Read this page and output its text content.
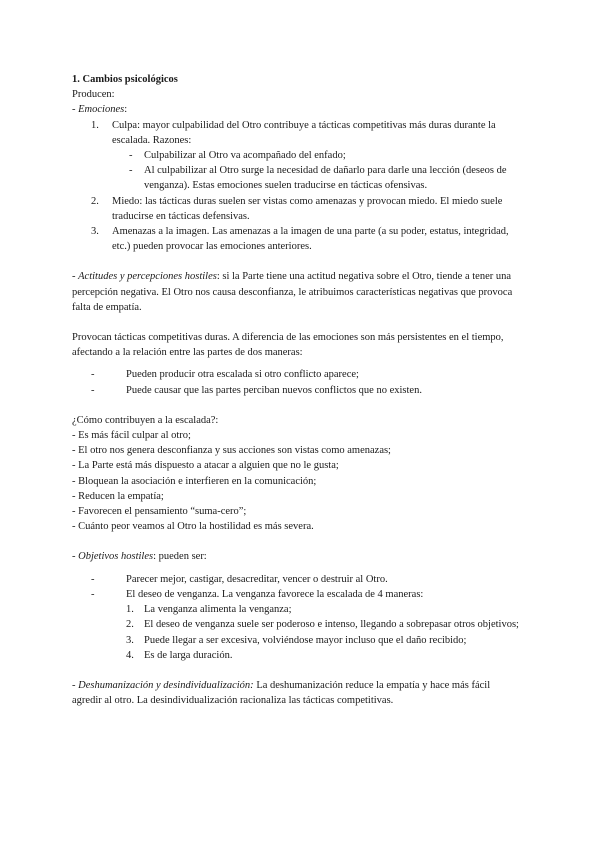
1. Cambios psicológicos

Producen:

- Emociones:

1. Culpa: mayor culpabilidad del Otro contribuye a tácticas competitivas más duras durante la escalada. Razones:
- Culpabilizar al Otro va acompañado del enfado;
- Al culpabilizar al Otro surge la necesidad de dañarlo para darle una lección (deseos de venganza). Estas emociones suelen traducirse en tácticas ofensivas.
2. Miedo: las tácticas duras suelen ser vistas como amenazas y provocan miedo. El miedo suele traducirse en tácticas defensivas.
3. Amenazas a la imagen. Las amenazas a la imagen de una parte (a su poder, estatus, integridad, etc.) pueden provocar las emociones anteriores.

- Actitudes y percepciones hostiles: si la Parte tiene una actitud negativa sobre el Otro, tiende a tener una percepción negativa. El Otro nos causa desconfianza, le atribuimos características negativas que provoca falta de empatía.

Provocan tácticas competitivas duras. A diferencia de las emociones son más persistentes en el tiempo, afectando a la relación entre las partes de dos maneras:

-	Pueden producir otra escalada si otro conflicto aparece;
-	Puede causar que las partes perciban nuevos conflictos que no existen.

¿Cómo contribuyen a la escalada?:

- Es más fácil culpar al otro;

- El otro nos genera desconfianza y sus acciones son vistas como amenazas;

- La Parte está más dispuesto a atacar a alguien que no le gusta;

- Bloquean la asociación e interfieren en la comunicación;

- Reducen la empatía;

- Favorecen el pensamiento “suma-cero”;

- Cuánto peor veamos al Otro la hostilidad es más severa.

- Objetivos hostiles: pueden ser:

-	Parecer mejor, castigar, desacreditar, vencer o destruir al Otro.
-	El deseo de venganza. La venganza favorece la escalada de 4 maneras:
1. La venganza alimenta la venganza;
2. El deseo de venganza suele ser poderoso e intenso, llegando a sobrepasar otros objetivos;
3. Puede llegar a ser excesiva, volviéndose mayor incluso que el daño recibido;
4. Es de larga duración.

- Deshumanización y desindividualización: La deshumanización reduce la empatía y hace más fácil agredir al otro. La desindividualización racionaliza las tácticas competitivas.
